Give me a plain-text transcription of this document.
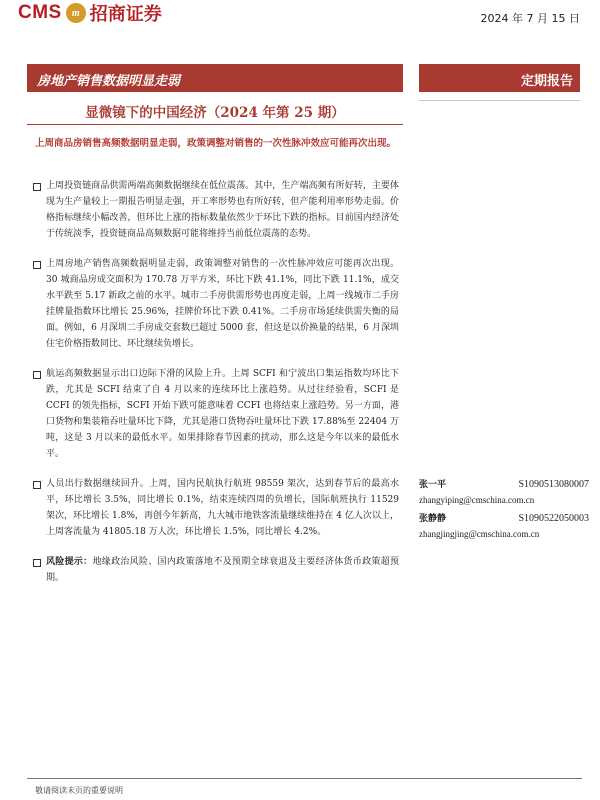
CMS	m 招商证券	2024 年 7 月 15 日
房地产销售数据明显走弱	定期报告
显微镜下的中国经济（2024 年第 25 期）
上周商品房销售高频数据明显走弱，政策调整对销售的一次性脉冲效应可能再次出现。
上周投资链商品供需两端高频数据继续在低位震荡。其中，生产端高频有所好转，主要体现为生产量较上一期报告明显走强，开工率形势也有所好转，但产能利用率形势走弱。价格指标继续小幅改善，但环比上涨的指标数量依然少于环比下跌的指标。目前国内经济处于传统淡季，投资链商品高频数据可能将维持当前低位震荡的态势。
上周房地产销售高频数据明显走弱，政策调整对销售的一次性脉冲效应可能再次出现。30 城商品房成交面积为 170.78 万平方米，环比下跌 41.1%，同比下跌 11.1%，成交水平跌至 5.17 新政之前的水平。城市二手房供需形势也再度走弱，上周一线城市二手房挂牌量指数环比增长 25.96%，挂牌价环比下跌 0.41%。二手房市场延续供需失衡的局面。例如，6 月深圳二手房成交套数已超过 5000 套，但这是以价换量的结果，6 月深圳住宅价格指数同比、环比继续负增长。
航运高频数据显示出口边际下滑的风险上升。上周 SCFI 和宁波出口集运指数均环比下跌，尤其是 SCFI 结束了自 4 月以来的连续环比上涨趋势。从过往经验看，SCFI 是 CCFI 的领先指标，SCFI 开始下跌可能意味着 CCFI 也将结束上涨趋势。另一方面，港口货物和集装箱吞吐量环比下降，尤其是港口货物吞吐量环比下跌 17.88%至 22404 万吨，这是 3 月以来的最低水平。如果排除春节因素的扰动，那么这是今年以来的最低水平。
人员出行数据继续回升。上周，国内民航执行航班 98559 架次，达到春节后的最高水平，环比增长 3.5%，同比增长 0.1%，结束连续四周的负增长，国际航班执行 11529 架次，环比增长 1.8%，再创今年新高，九大城市地铁客流量继续维持在 4 亿人次以上，上周客流量为 41805.18 万人次，环比增长 1.5%，同比增长 4.2%。
风险提示：地缘政治风险、国内政策落地不及预期全球衰退及主要经济体货币政策超预期。
张一平	S1090513080007
zhangyiping@cmschina.com.cn
张静静	S1090522050003
zhangjingjing@cmschina.com.cn
敬请阅读末页的重要说明
